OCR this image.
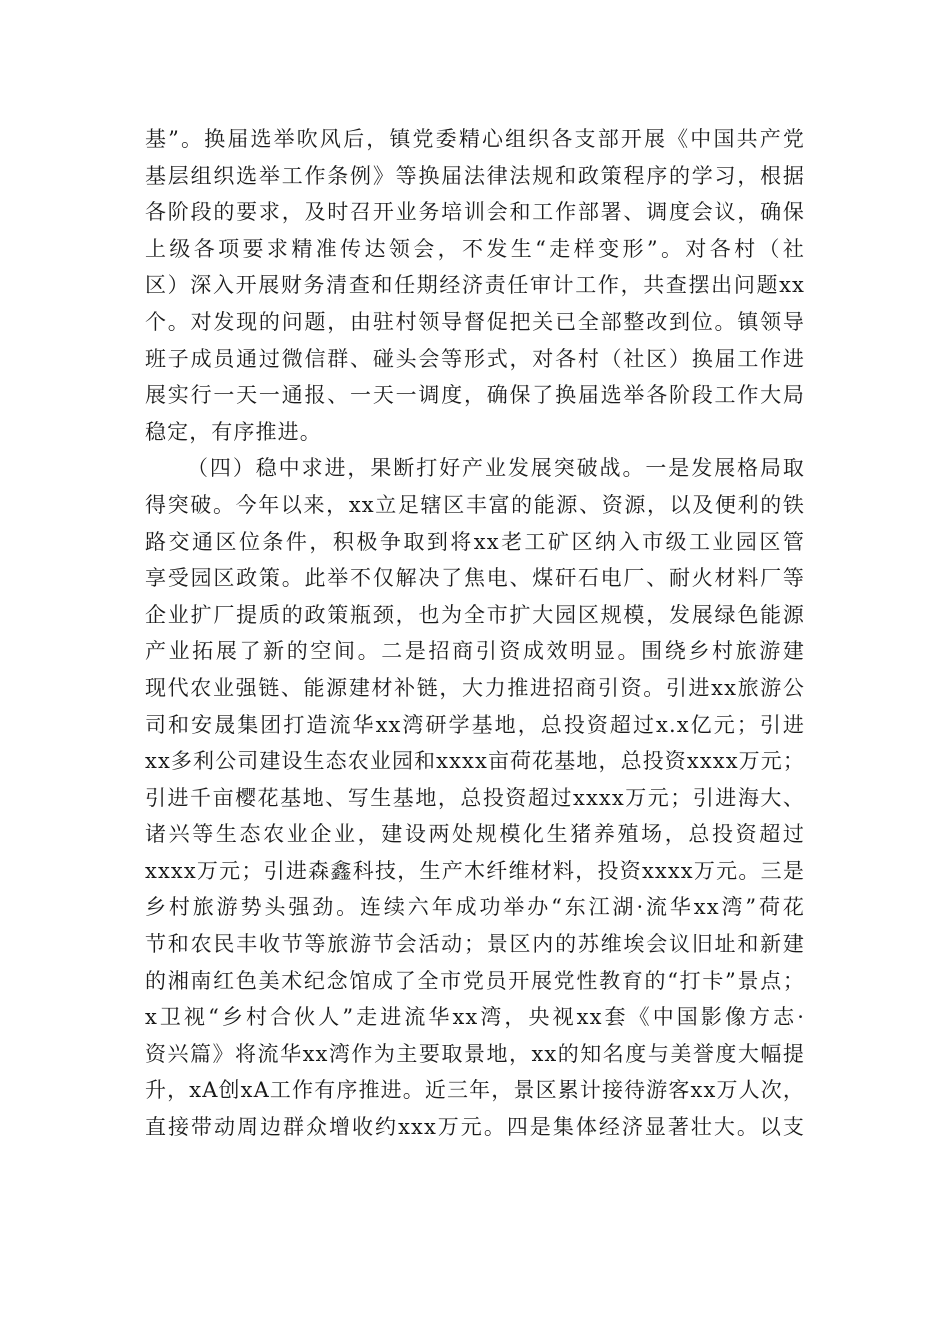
基”。换届选举吹风后，镇党委精心组织各支部开展《中国共产党
基层组织选举工作条例》等换届法律法规和政策程序的学习，根据
各阶段的要求，及时召开业务培训会和工作部署、调度会议，确保
上级各项要求精准传达领会，不发生“走样变形”。对各村（社
区）深入开展财务清查和任期经济责任审计工作，共查摆出问题xx
个。对发现的问题，由驻村领导督促把关已全部整改到位。镇领导
班子成员通过微信群、碰头会等形式，对各村（社区）换届工作进
展实行一天一通报、一天一调度，确保了换届选举各阶段工作大局
稳定，有序推进。
（四）稳中求进，果断打好产业发展突破战。一是发展格局取
得突破。今年以来，xx立足辖区丰富的能源、资源，以及便利的铁
路交通区位条件，积极争取到将xx老工矿区纳入市级工业园区管
享受园区政策。此举不仅解决了焦电、煤矸石电厂、耐火材料厂等
企业扩厂提质的政策瓶颈，也为全市扩大园区规模，发展绿色能源
产业拓展了新的空间。二是招商引资成效明显。围绕乡村旅游建
现代农业强链、能源建材补链，大力推进招商引资。引进xx旅游公
司和安晟集团打造流华xx湾研学基地，总投资超过x.x亿元；引进
xx多利公司建设生态农业园和xxxx亩荷花基地，总投资xxxx万元；
引进千亩樱花基地、写生基地，总投资超过xxxx万元；引进海大、
诸兴等生态农业企业，建设两处规模化生猪养殖场，总投资超过
xxxx万元；引进森鑫科技，生产木纤维材料，投资xxxx万元。三是
乡村旅游势头强劲。连续六年成功举办“东江湖·流华xx湾”荷花
节和农民丰收节等旅游节会活动；景区内的苏维埃会议旧址和新建
的湘南红色美术纪念馆成了全市党员开展党性教育的“打卡”景点；
x卫视“乡村合伙人”走进流华xx湾，央视xx套《中国影像方志·
资兴篇》将流华xx湾作为主要取景地，xx的知名度与美誉度大幅提
升，xA创xA工作有序推进。近三年，景区累计接待游客xx万人次，
直接带动周边群众增收约xxx万元。四是集体经济显著壮大。以支
